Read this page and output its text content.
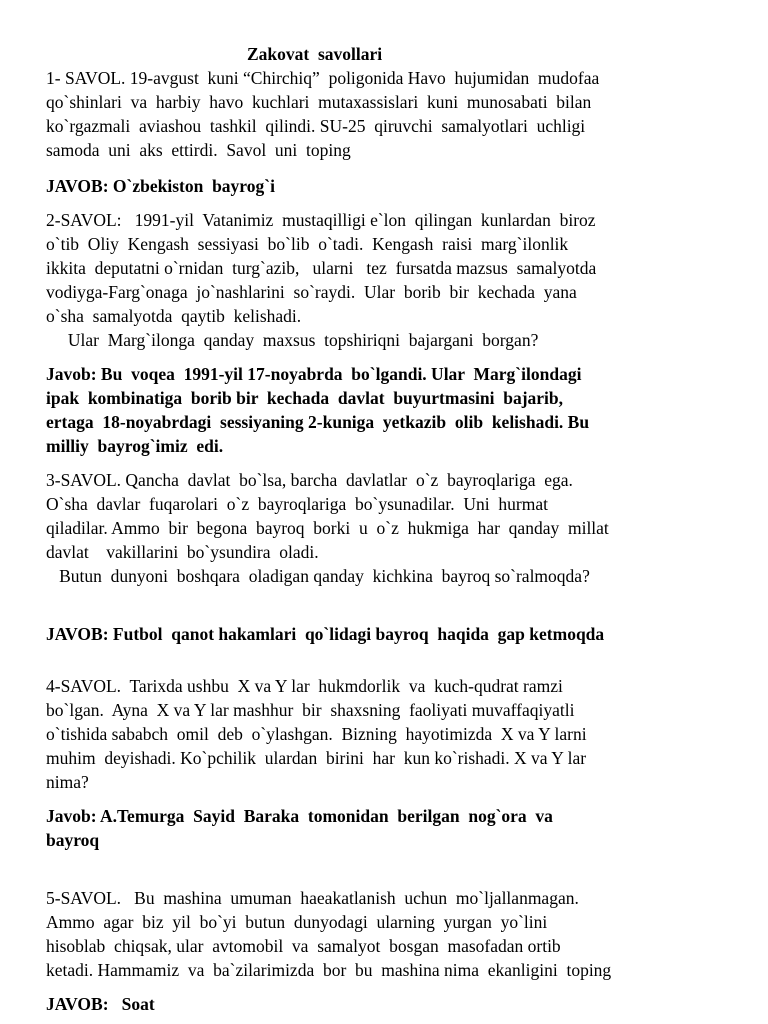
Zakovat  savollari
1- SAVOL. 19-avgust  kuni “Chirchiq”  poligonida Havo  hujumidan  mudofaa
qo`shinlari  va  harbiy  havo  kuchlari  mutaxassislari  kuni  munosabati  bilan
ko`rgazmali  aviashou  tashkil  qilindi. SU-25  qiruvchi  samalyotlari  uchligi
samoda  uni  aks  ettirdi.  Savol  uni  toping
JAVOB: O`zbekiston  bayrog`i
2-SAVOL:   1991-yil  Vatanimiz  mustaqilligi e`lon  qilingan  kunlardan  biroz
o`tib  Oliy  Kengash  sessiyasi  bo`lib  o`tadi.  Kengash  raisi  marg`ilonlik
ikkita  deputatni o`rnidan  turg`azib,   ularni   tez  fursatda mazsus  samalyotda
vodiyga-Farg`onaga  jo`nashlarini  so`raydi.  Ular  borib  bir  kechada  yana
o`sha  samalyotda  qaytib  kelishadi.
Ular  Marg`ilonga  qanday  maxsus  topshiriqni  bajargani  borgan?
Javob: Bu  voqea  1991-yil 17-noyabrda  bo`lgandi. Ular  Marg`ilondagi
ipak  kombinatiga  borib bir  kechada  davlat  buyurtmasini  bajarib,
ertaga  18-noyabrdagi  sessiyaning 2-kuniga  yetkazib  olib  kelishadi. Bu
milliy  bayrog`imiz  edi.
3-SAVOL. Qancha  davlat  bo`lsa, barcha  davlatlar  o`z  bayroqlariga  ega.
O`sha  davlar  fuqarolari  o`z  bayroqlariga  bo`ysunadilar.  Uni  hurmat
qiladilar. Ammo  bir  begona  bayroq  borki  u  o`z  hukmiga  har  qanday  millat
davlat    vakillarini  bo`ysundira  oladi.
Butun  dunyoni  boshqara  oladigan qanday  kichkina  bayroq so`ralmoqda?
JAVOB: Futbol  qanot hakamlari  qo`lidagi bayroq  haqida  gap ketmoqda
4-SAVOL.  Tarixda ushbu  X va Y lar  hukmdorlik  va  kuch-qudrat ramzi
bo`lgan.  Ayna  X va Y lar mashhur  bir  shaxsning  faoliyati muvaffaqiyatli
o`tishida sababch  omil  deb  o`ylashgan.  Bizning  hayotimizda  X va Y larni
muhim  deyishadi. Ko`pchilik  ulardan  birini  har  kun ko`rishadi. X va Y lar
nima?
Javob: A.Temurga  Sayid  Baraka  tomonidan  berilgan  nog`ora  va
bayroq
5-SAVOL.   Bu  mashina  umuman  haeakatlanish  uchun  mo`ljallanmagan.
Ammo  agar  biz  yil  bo`yi  butun  dunyodagi  ularning  yurgan  yo`lini
hisoblab  chiqsak, ular  avtomobil  va  samalyot  bosgan  masofadan ortib
ketadi. Hammamiz  va  ba`zilarimizda  bor  bu  mashina nima  ekanligini  toping
JAVOB:   Soat
